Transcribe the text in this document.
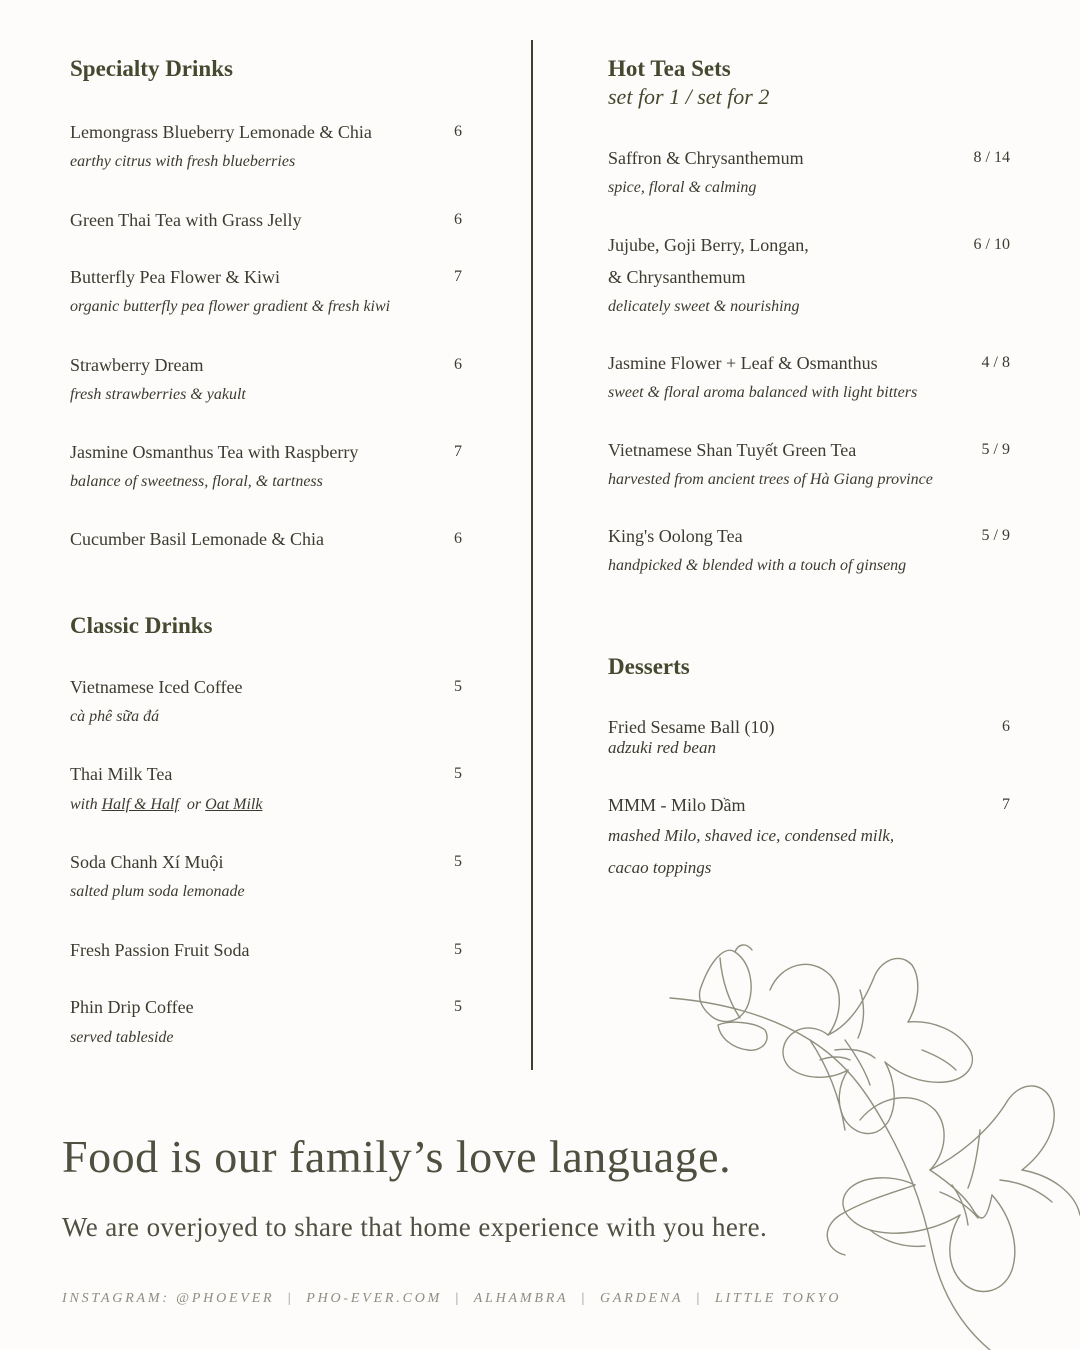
Specialty Drinks
Lemongrass Blueberry Lemonade & Chia
earthy citrus with fresh blueberries
6
Green Thai Tea with Grass Jelly	6
Butterfly Pea Flower & Kiwi
organic butterfly pea flower gradient & fresh kiwi
7
Strawberry Dream
fresh strawberries & yakult
6
Jasmine Osmanthus Tea with Raspberry
balance of sweetness, floral, & tartness
7
Cucumber Basil Lemonade & Chia	6
Classic Drinks
Vietnamese Iced Coffee
cà phê sữa đá
5
Thai Milk Tea
with Half & Half  or Oat Milk
5
Soda Chanh Xí Muội
salted plum soda lemonade
5
Fresh Passion Fruit Soda	5
Phin Drip Coffee
served tableside
5
Hot Tea Sets
set for 1 / set for 2
Saffron & Chrysanthemum
spice, floral & calming
8 / 14
Jujube, Goji Berry, Longan,
& Chrysanthemum
delicately sweet & nourishing
6 / 10
Jasmine Flower + Leaf & Osmanthus
sweet & floral aroma balanced with light bitters
4 / 8
Vietnamese Shan Tuyết Green Tea
harvested from ancient trees of Hà Giang province
5 / 9
King's Oolong Tea
handpicked & blended with a touch of ginseng
5 / 9
Desserts
Fried Sesame Ball (10)
adzuki red bean
6
MMM - Milo Dầm
mashed Milo, shaved ice, condensed milk,
cacao toppings
7
Food is our family’s love language.
We are overjoyed to share that home experience with you here.
INSTAGRAM: @PHOEVER  |  PHO-EVER.COM  |  ALHAMBRA  |  GARDENA  |  LITTLE TOKYO
